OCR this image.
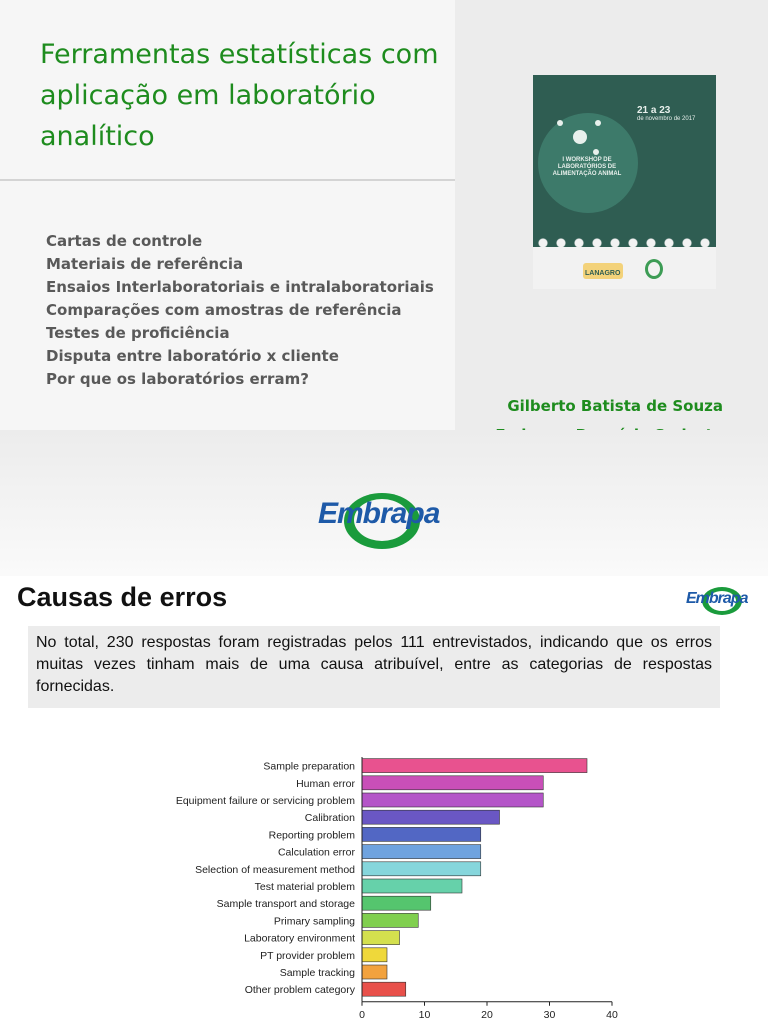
Ferramentas estatísticas com aplicação em laboratório analítico
Cartas de controle
Materiais de referência
Ensaios Interlaboratoriais e intralaboratoriais
Comparações com amostras de referência
Testes de proficiência
Disputa entre laboratório x cliente
Por que os laboratórios erram?
I WORKSHOP DE LABORATÓRIOS DE ALIMENTAÇÃO ANIMAL
21 a 23
de novembro de 2017
LANAGRO
Gilberto Batista de Souza
Embrapa
Causas de erros	Embrapa

No total, 230 respostas foram registradas pelos 111 entrevistados, indicando que os erros muitas vezes tinham mais de uma causa atribuível, entre as categorias de respostas fornecidas.

Sample preparation
Human error
Equipment failure or servicing problem
Calibration
Reporting problem
Calculation error
Selection of measurement method
Test material problem
Sample transport and storage
Primary sampling
Laboratory environment
PT provider problem
Sample tracking
Other problem category
0	10	20	30	40
